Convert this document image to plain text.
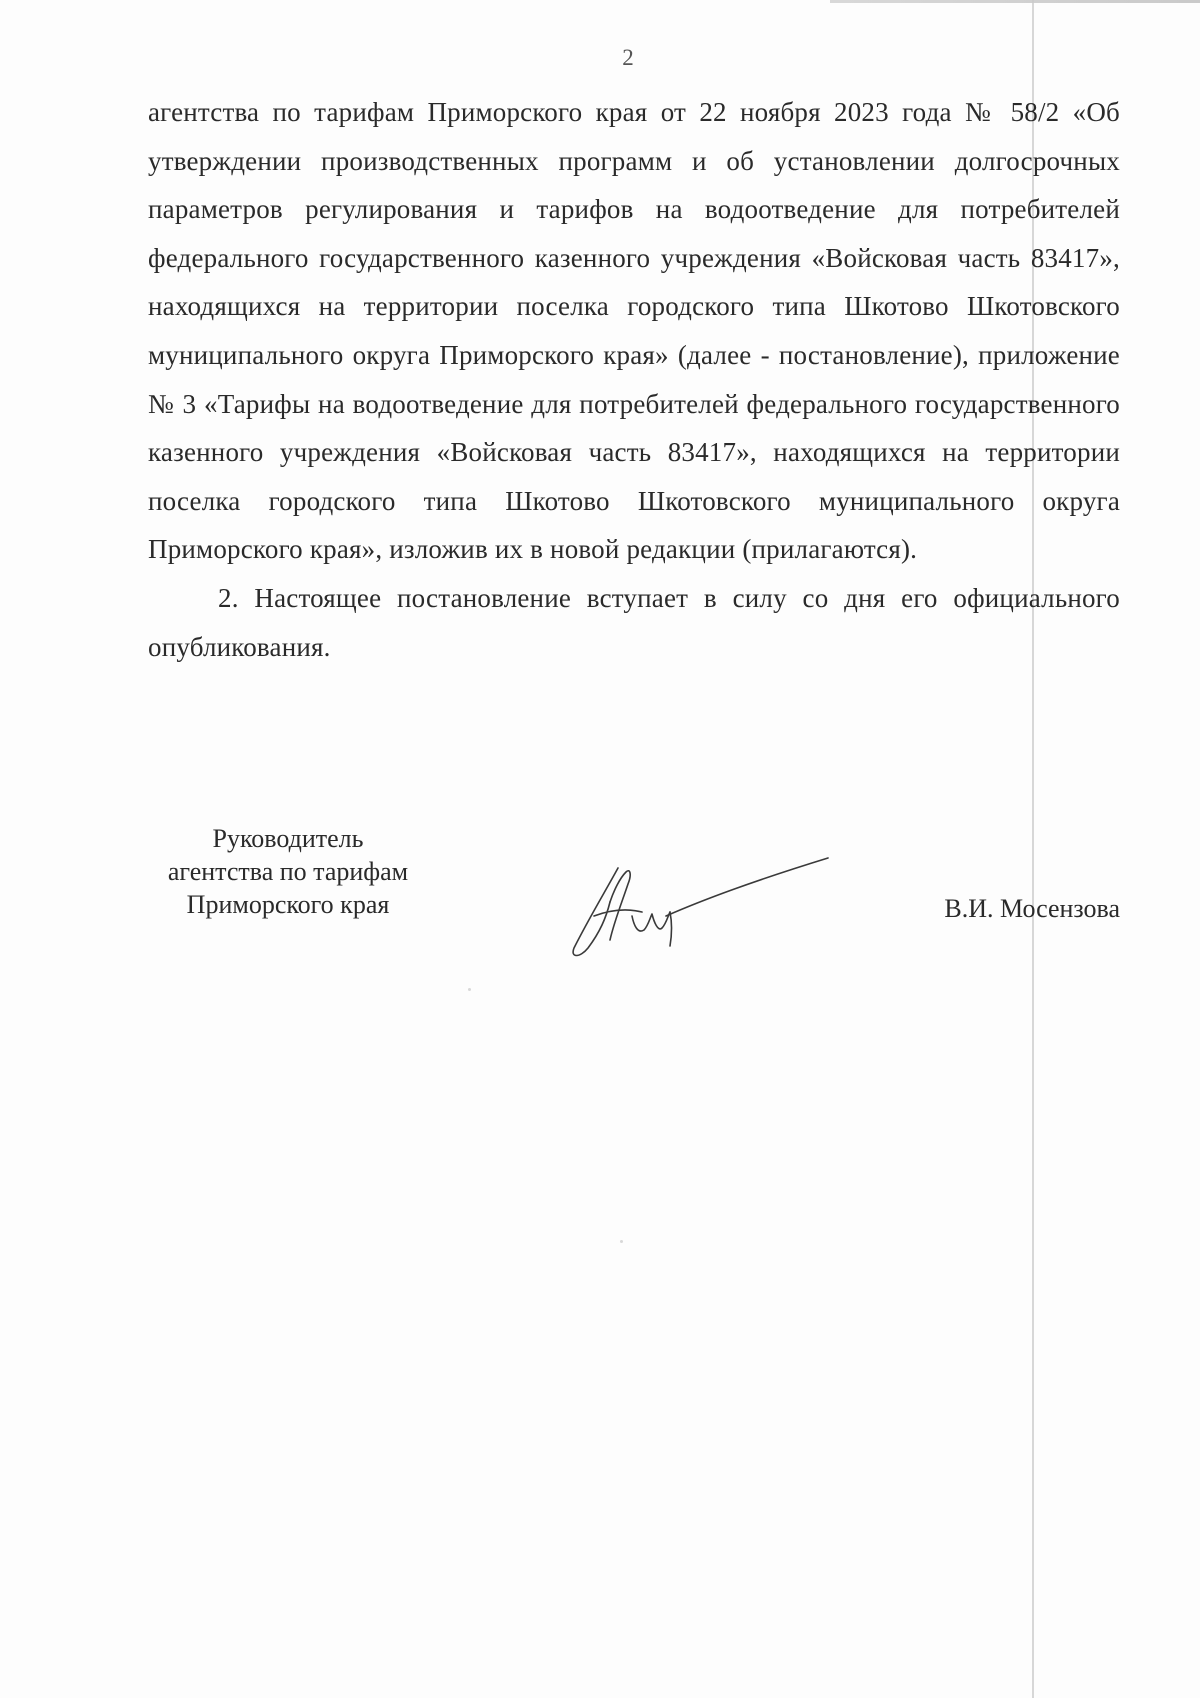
2

агентства по тарифам Приморского края от 22 ноября 2023 года № 58/2 «Об утверждении производственных программ и об установлении долгосрочных параметров регулирования и тарифов на водоотведение для потребителей федерального государственного казенного учреждения «Войсковая часть 83417», находящихся на территории поселка городского типа Шкотово Шкотовского муниципального округа Приморского края» (далее - постановление), приложение № 3 «Тарифы на водоотведение для потребителей федерального государственного казенного учреждения «Войсковая часть 83417», находящихся на территории поселка городского типа Шкотово Шкотовского муниципального округа Приморского края», изложив их в новой редакции (прилагаются).

2. Настоящее постановление вступает в силу со дня его официального опубликования.

Руководитель
агентства по тарифам
Приморского края	В.И. Мосензова
